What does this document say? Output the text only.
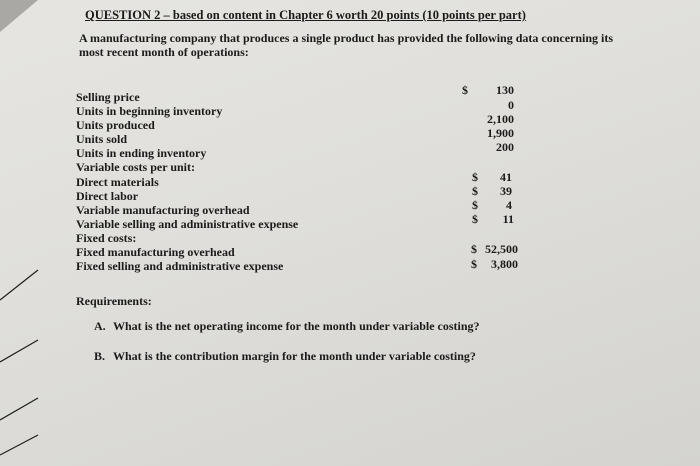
QUESTION 2 – based on content in Chapter 6 worth 20 points (10 points per part)
A manufacturing company that produces a single product has provided the following data concerning its most recent month of operations:
Selling price
Units in beginning inventory
Units produced
Units sold
Units in ending inventory
Variable costs per unit:
Direct materials
Direct labor
Variable manufacturing overhead
Variable selling and administrative expense
Fixed costs:
Fixed manufacturing overhead
Fixed selling and administrative expense
$ 130
0
2,100
1,900
200
$ 41
$ 39
$ 4
$ 11
$ 52,500
$ 3,800
Requirements:
A. What is the net operating income for the month under variable costing?
B. What is the contribution margin for the month under variable costing?
